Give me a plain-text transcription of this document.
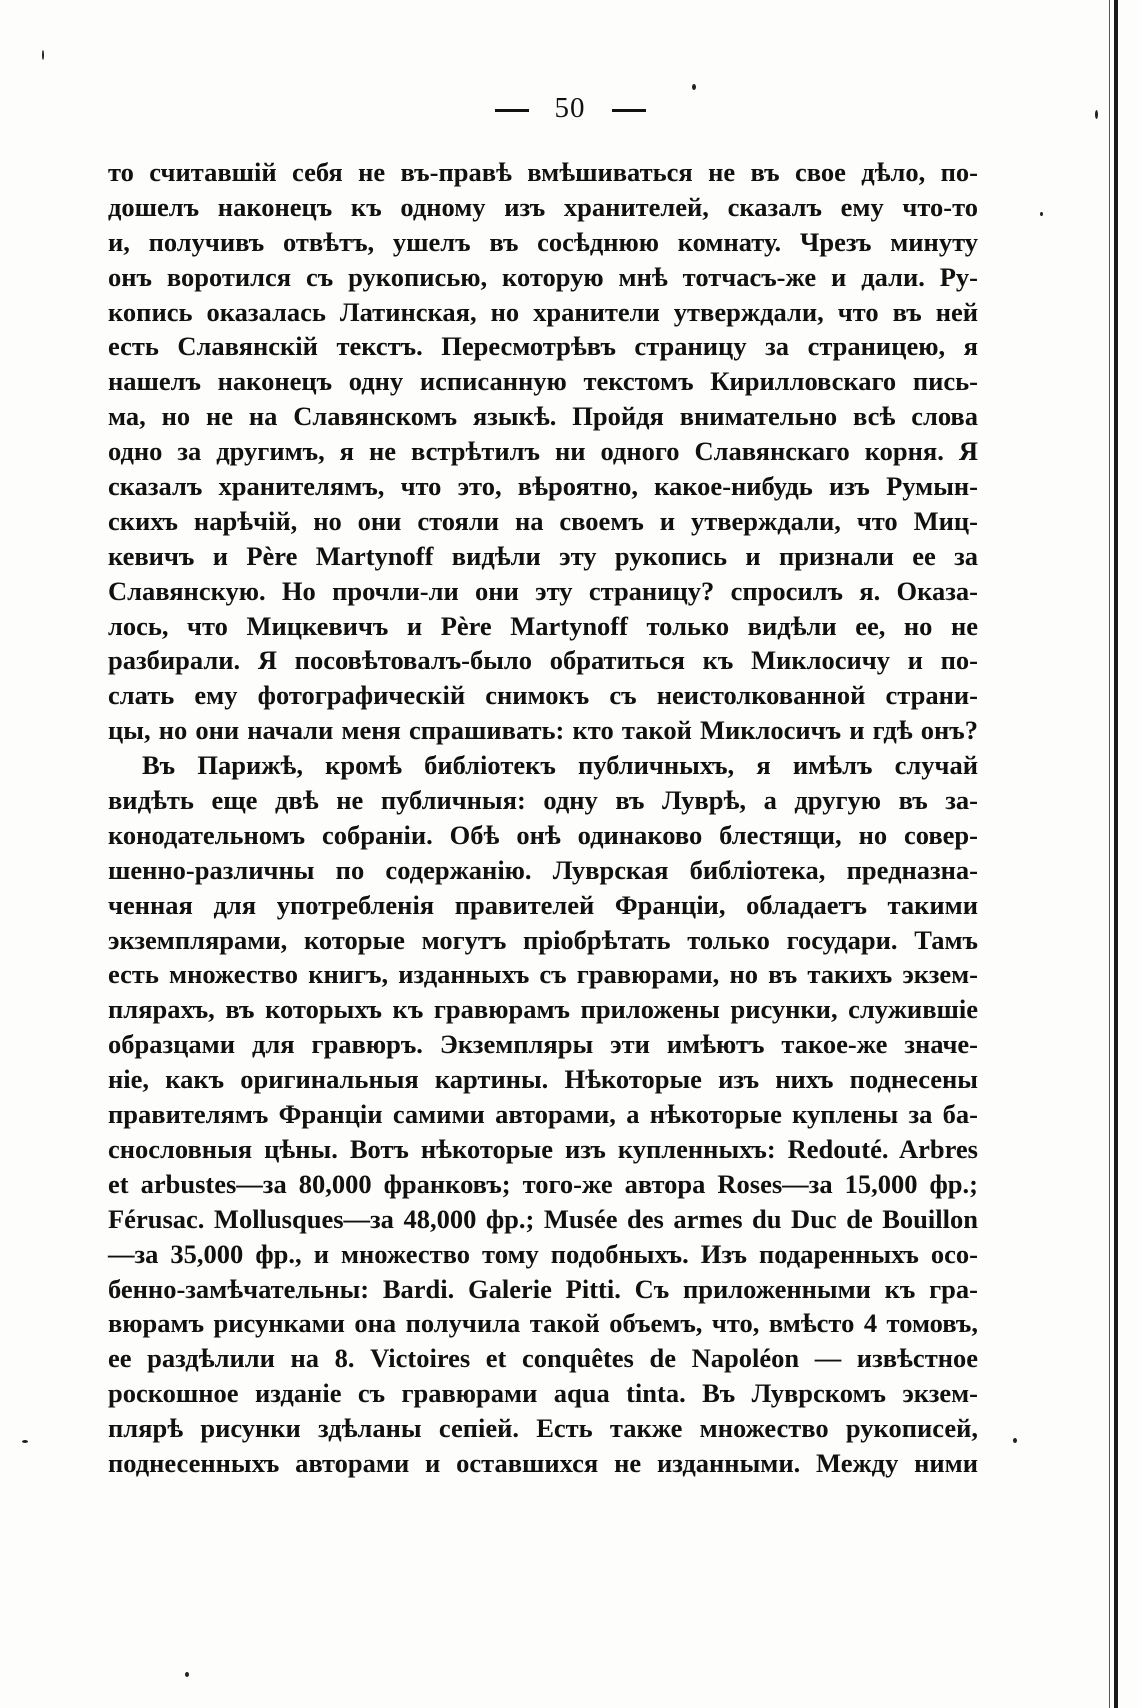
50
то считавшій себя не въ-правѣ вмѣшиваться не въ свое дѣло, по-
дошелъ наконецъ къ одному изъ хранителей, сказалъ ему что-то
и, получивъ отвѣтъ, ушелъ въ сосѣднюю комнату. Чрезъ минуту
онъ воротился съ рукописью, которую мнѣ тотчасъ-же и дали. Ру-
копись оказалась Латинская, но хранители утверждали, что въ ней
есть Славянскій текстъ. Пересмотрѣвъ страницу за страницею, я
нашелъ наконецъ одну исписанную текстомъ Кирилловскаго пись-
ма, но не на Славянскомъ языкѣ. Пройдя внимательно всѣ слова
одно за другимъ, я не встрѣтилъ ни одного Славянскаго корня. Я
сказалъ хранителямъ, что это, вѣроятно, какое-нибудь изъ Румын-
скихъ нарѣчій, но они стояли на своемъ и утверждали, что Миц-
кевичъ и Père Martynoff видѣли эту рукопись и признали ее за
Славянскую. Но прочли-ли они эту страницу? спросилъ я. Оказа-
лось, что Мицкевичъ и Père Martynoff только видѣли ее, но не
разбирали. Я посовѣтовалъ-было обратиться къ Миклосичу и по-
слать ему фотографическій снимокъ съ неистолкованной страни-
цы, но они начали меня спрашивать: кто такой Миклосичъ и гдѣ онъ?
Въ Парижѣ, кромѣ библіотекъ публичныхъ, я имѣлъ случай
видѣть еще двѣ не публичныя: одну въ Луврѣ, а другую въ за-
конодательномъ собраніи. Обѣ онѣ одинаково блестящи, но совер-
шенно-различны по содержанію. Луврская библіотека, предназна-
ченная для употребленія правителей Франціи, обладаетъ такими
экземплярами, которые могутъ пріобрѣтать только государи. Тамъ
есть множество книгъ, изданныхъ съ гравюрами, но въ такихъ экзем-
плярахъ, въ которыхъ къ гравюрамъ приложены рисунки, служившіе
образцами для гравюръ. Экземпляры эти имѣютъ такое-же значе-
ніе, какъ оригинальныя картины. Нѣкоторые изъ нихъ поднесены
правителямъ Франціи самими авторами, а нѣкоторые куплены за ба-
снословныя цѣны. Вотъ нѣкоторые изъ купленныхъ: Redouté. Arbres
et arbustes—за 80,000 франковъ; того-же автора Roses—за 15,000 фр.;
Férusac. Mollusques—за 48,000 фр.; Musée des armes du Duc de Bouillon
—за 35,000 фр., и множество тому подобныхъ. Изъ подаренныхъ осо-
бенно-замѣчательны: Bardi. Galerie Pitti. Съ приложенными къ гра-
вюрамъ рисунками она получила такой объемъ, что, вмѣсто 4 томовъ,
ее раздѣлили на 8. Victoires et conquêtes de Napoléon — извѣстное
роскошное изданіе съ гравюрами aqua tinta. Въ Луврскомъ экзем-
плярѣ рисунки здѣланы сепіей. Есть также множество рукописей,
поднесенныхъ авторами и оставшихся не изданными. Между ними
